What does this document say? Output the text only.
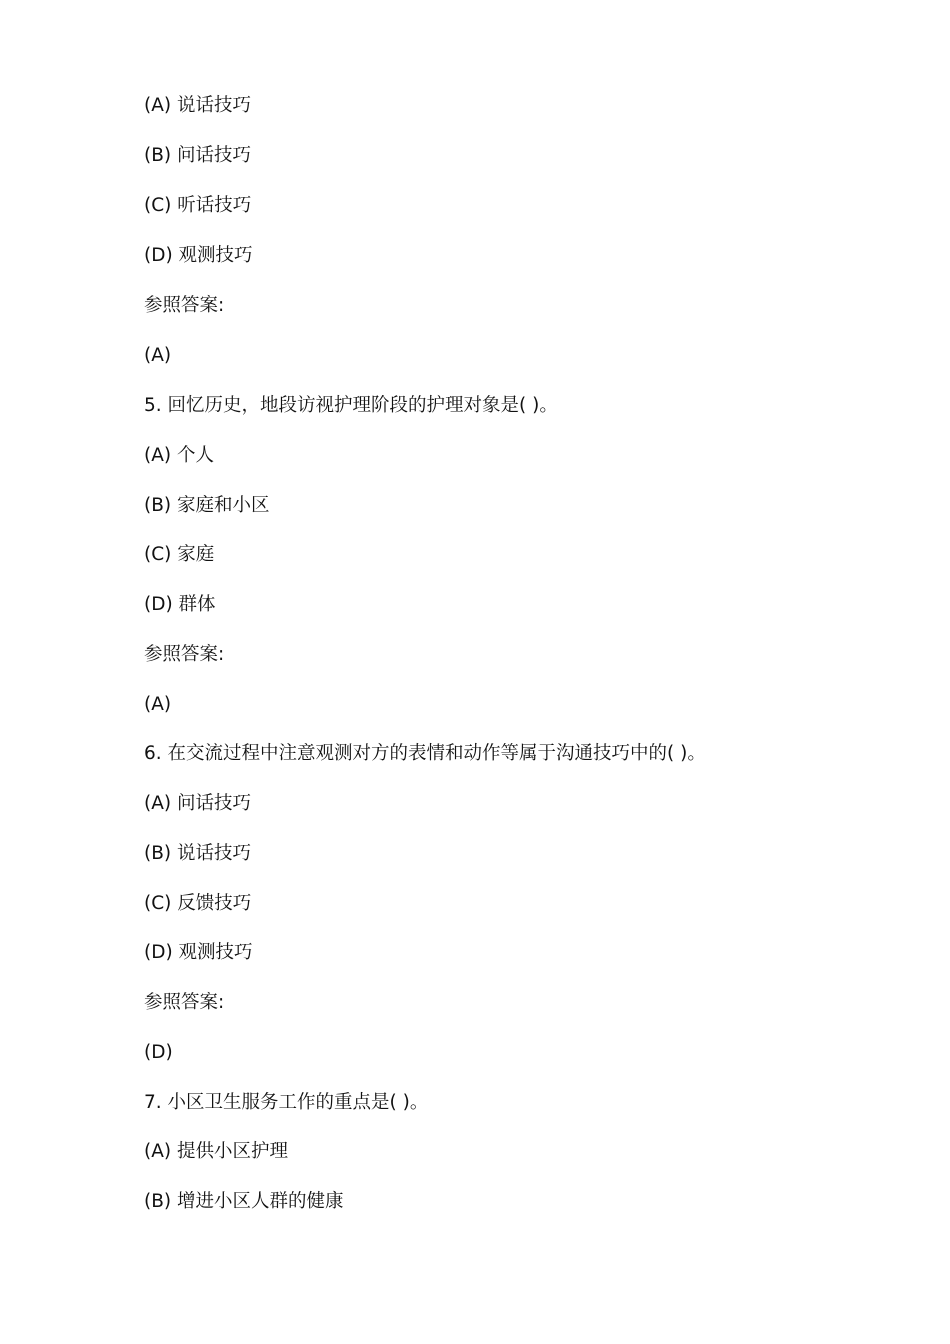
(A) 说话技巧
(B) 问话技巧
(C) 听话技巧
(D) 观测技巧
参照答案:
(A)
5. 回忆历史，地段访视护理阶段的护理对象是( )。
(A) 个人
(B) 家庭和小区
(C) 家庭
(D) 群体
参照答案:
(A)
6. 在交流过程中注意观测对方的表情和动作等属于沟通技巧中的( )。
(A) 问话技巧
(B) 说话技巧
(C) 反馈技巧
(D) 观测技巧
参照答案:
(D)
7. 小区卫生服务工作的重点是( )。
(A) 提供小区护理
(B) 增进小区人群的健康
